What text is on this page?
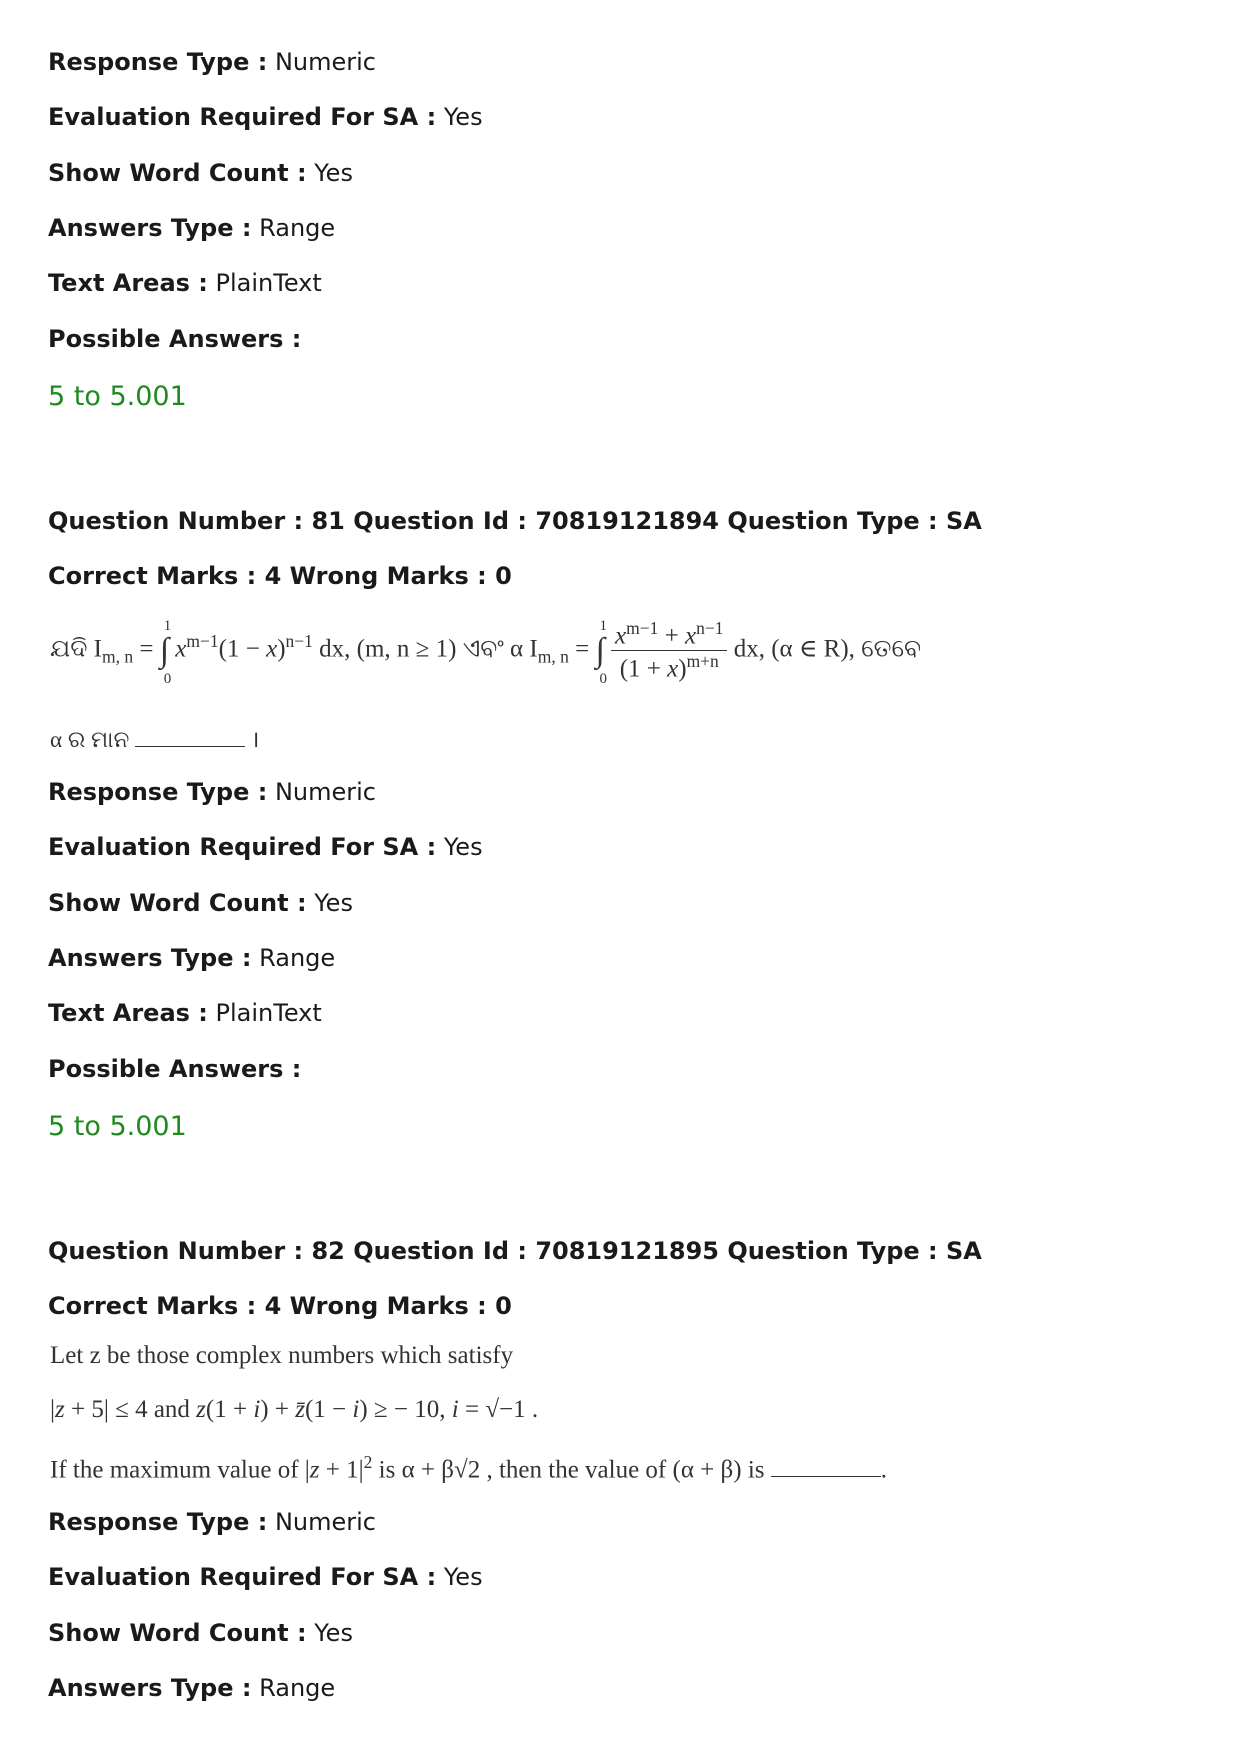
Response Type : Numeric
Evaluation Required For SA : Yes
Show Word Count : Yes
Answers Type : Range
Text Areas : PlainText
Possible Answers :
5 to 5.001
Question Number : 81 Question Id : 70819121894 Question Type : SA
Correct Marks : 4 Wrong Marks : 0
ଯଦି $I_{m, n}$ = ∫
1
0
$x^{m-1}(1 - x)^{n-1}$ dx, (m, n ≥ 1) ଏବଂ α $I_{m, n}$ = ∫
1
0
$\frac{x^{m-1} + x^{n-1}}{(1 + x)^{m+n}}$ dx, (α ∈ R), ତେବେ
α ର ମାନ	।
Response Type : Numeric
Evaluation Required For SA : Yes
Show Word Count : Yes
Answers Type : Range
Text Areas : PlainText
Possible Answers :
5 to 5.001
Question Number : 82 Question Id : 70819121895 Question Type : SA
Correct Marks : 4 Wrong Marks : 0
Let z be those complex numbers which satisfy
|z + 5| ≤ 4 and z(1 + i) + z̄(1 − i) ≥ − 10, i = √−1 .
If the maximum value of $|z + 1|^2$ is α + β√2 , then the value of (α + β) is	.
Response Type : Numeric
Evaluation Required For SA : Yes
Show Word Count : Yes
Answers Type : Range
